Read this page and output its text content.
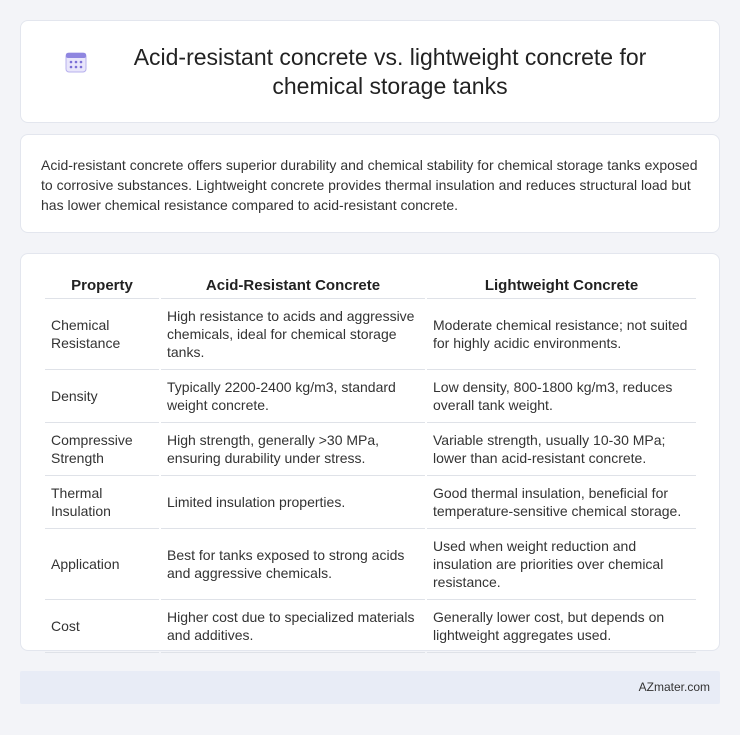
Acid-resistant concrete vs. lightweight concrete for chemical storage tanks

Acid-resistant concrete offers superior durability and chemical stability for chemical storage tanks exposed to corrosive substances. Lightweight concrete provides thermal insulation and reduces structural load but has lower chemical resistance compared to acid-resistant concrete.

Property	Acid-Resistant Concrete	Lightweight Concrete
Chemical Resistance	High resistance to acids and aggressive chemicals, ideal for chemical storage tanks.	Moderate chemical resistance; not suited for highly acidic environments.
Density	Typically 2200-2400 kg/m3, standard weight concrete.	Low density, 800-1800 kg/m3, reduces overall tank weight.
Compressive Strength	High strength, generally >30 MPa, ensuring durability under stress.	Variable strength, usually 10-30 MPa; lower than acid-resistant concrete.
Thermal Insulation	Limited insulation properties.	Good thermal insulation, beneficial for temperature-sensitive chemical storage.
Application	Best for tanks exposed to strong acids and aggressive chemicals.	Used when weight reduction and insulation are priorities over chemical resistance.
Cost	Higher cost due to specialized materials and additives.	Generally lower cost, but depends on lightweight aggregates used.
AZmater.com
